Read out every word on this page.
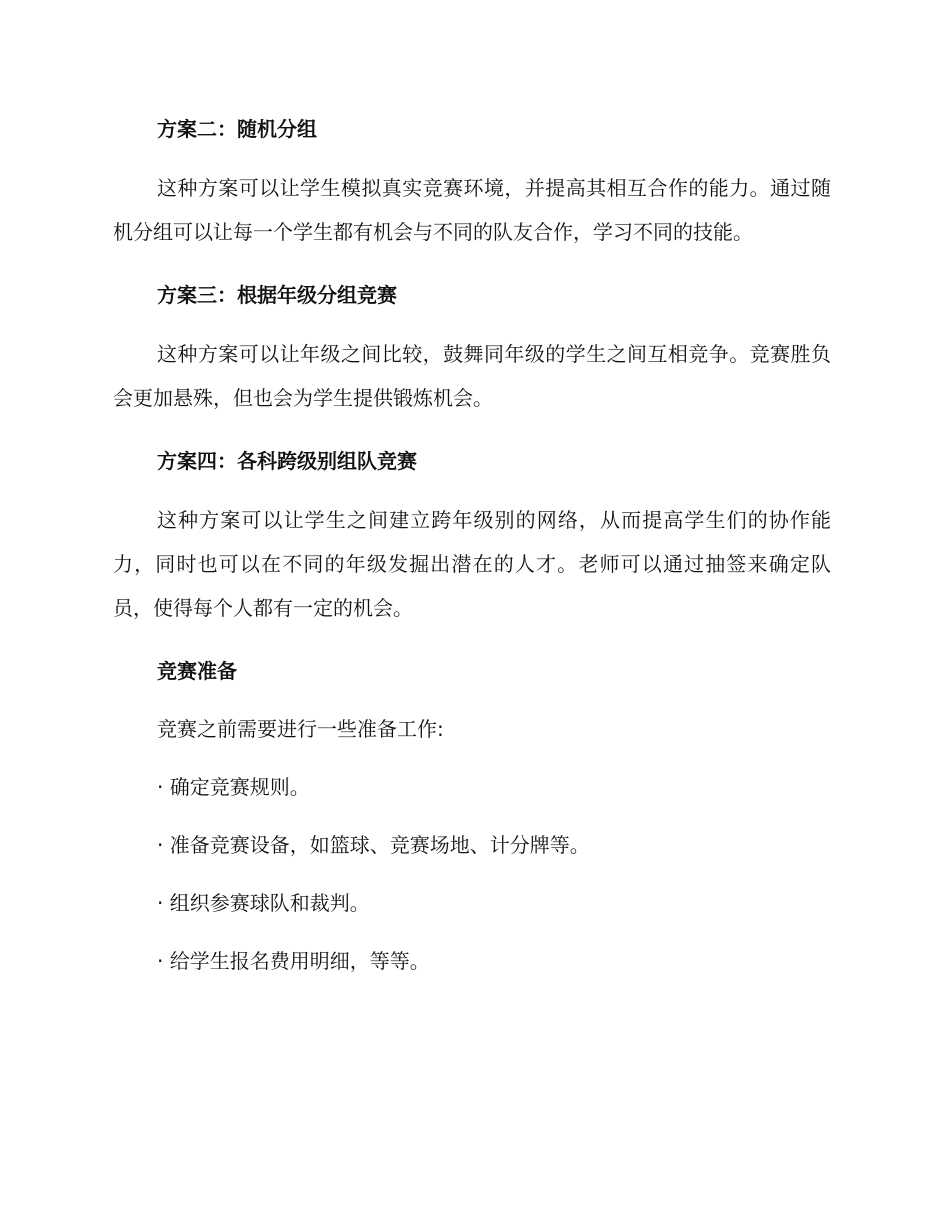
方案二：随机分组

这种方案可以让学生模拟真实竞赛环境，并提高其相互合作的能力。通过随机分组可以让每一个学生都有机会与不同的队友合作，学习不同的技能。

方案三：根据年级分组竞赛

这种方案可以让年级之间比较，鼓舞同年级的学生之间互相竞争。竞赛胜负会更加悬殊，但也会为学生提供锻炼机会。

方案四：各科跨级别组队竞赛

这种方案可以让学生之间建立跨年级别的网络，从而提高学生们的协作能力，同时也可以在不同的年级发掘出潜在的人才。老师可以通过抽签来确定队员，使得每个人都有一定的机会。

竞赛准备

竞赛之前需要进行一些准备工作:

· 确定竞赛规则。

· 准备竞赛设备，如篮球、竞赛场地、计分牌等。

· 组织参赛球队和裁判。

· 给学生报名费用明细，等等。
